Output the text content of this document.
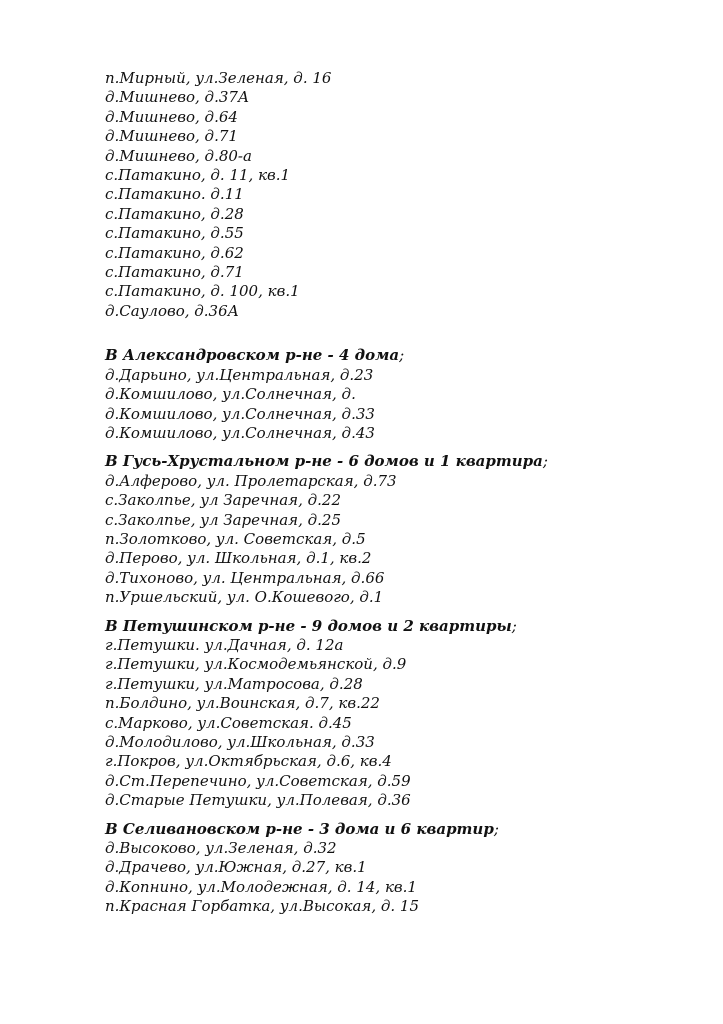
п.Мирный, ул.Зеленая, д. 16
д.Мишнево, д.37А
д.Мишнево, д.64
д.Мишнево, д.71
д.Мишнево, д.80-а
с.Патакино, д. 11, кв.1
с.Патакино. д.11
с.Патакино, д.28
с.Патакино, д.55
с.Патакино, д.62
с.Патакино, д.71
с.Патакино, д. 100, кв.1
д.Саулово, д.36А
В Александровском р-не - 4 дома;
д.Дарьино, ул.Центральная, д.23
д.Комшилово, ул.Солнечная, д.
д.Комшилово, ул.Солнечная, д.33
д.Комшилово, ул.Солнечная, д.43
В Гусь-Хрустальном р-не - 6 домов и 1 квартира;
д.Алферово, ул. Пролетарская, д.73
с.Заколпье, ул Заречная, д.22
с.Заколпье, ул Заречная, д.25
п.Золотково, ул. Советская, д.5
д.Перово, ул. Школьная, д.1, кв.2
д.Тихоново, ул. Центральная, д.66
п.Уршельский, ул. О.Кошевого, д.1
В Петушинском р-не - 9 домов и 2 квартиры;
г.Петушки. ул.Дачная, д. 12а
г.Петушки, ул.Космодемьянской, д.9
г.Петушки, ул.Матросова, д.28
п.Болдино, ул.Воинская, д.7, кв.22
с.Марково, ул.Советская. д.45
д.Молодилово, ул.Школьная, д.33
г.Покров, ул.Октябрьская, д.6, кв.4
д.Ст.Перепечино, ул.Советская, д.59
д.Старые Петушки, ул.Полевая, д.36
В Селивановском р-не - 3 дома и 6 квартир;
д.Высоково, ул.Зеленая, д.32
д.Драчево, ул.Южная, д.27, кв.1
д.Копнино, ул.Молодежная, д. 14, кв.1
п.Красная Горбатка, ул.Высокая, д. 15
